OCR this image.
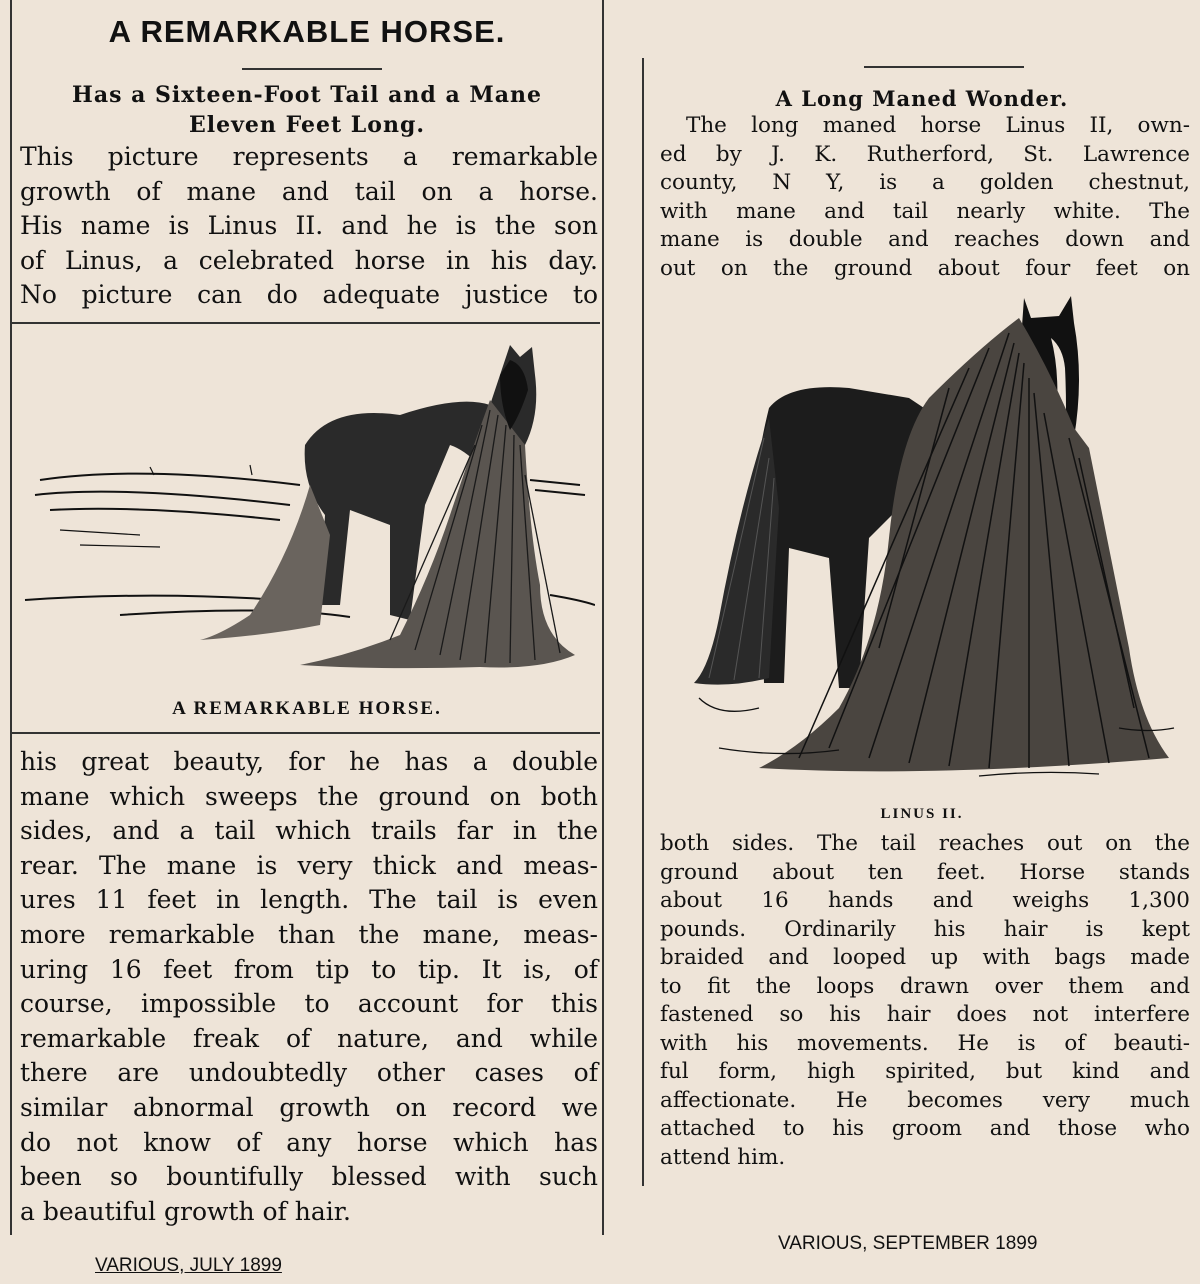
A REMARKABLE HORSE.
Has a Sixteen-Foot Tail and a Mane
Eleven Feet Long.

This picture represents a remarkable

growth of mane and tail on a horse.

His name is Linus II. and he is the son

of Linus, a celebrated horse in his day.

No picture can do adequate justice to

A REMARKABLE HORSE.

his great beauty, for he has a double

mane which sweeps the ground on both

sides, and a tail which trails far in the

rear. The mane is very thick and meas-

ures 11 feet in length. The tail is even

more remarkable than the mane, meas-

uring 16 feet from tip to tip. It is, of

course, impossible to account for this

remarkable freak of nature, and while

there are undoubtedly other cases of

similar abnormal growth on record we

do not know of any horse which has

been so bountifully blessed with such

a beautiful growth of hair.

VARIOUS, JULY 1899
A Long Maned Wonder.

The long maned horse Linus II, own-

ed by J. K. Rutherford, St. Lawrence

county, N Y, is a golden chestnut,

with mane and tail nearly white. The

mane is double and reaches down and

out on the ground about four feet on

LINUS II.

both sides. The tail reaches out on the

ground about ten feet. Horse stands

about 16 hands and weighs 1,300

pounds. Ordinarily his hair is kept

braided and looped up with bags made

to fit the loops drawn over them and

fastened so his hair does not interfere

with his movements. He is of beauti-

ful form, high spirited, but kind and

affectionate. He becomes very much

attached to his groom and those who

attend him.

VARIOUS, SEPTEMBER 1899
